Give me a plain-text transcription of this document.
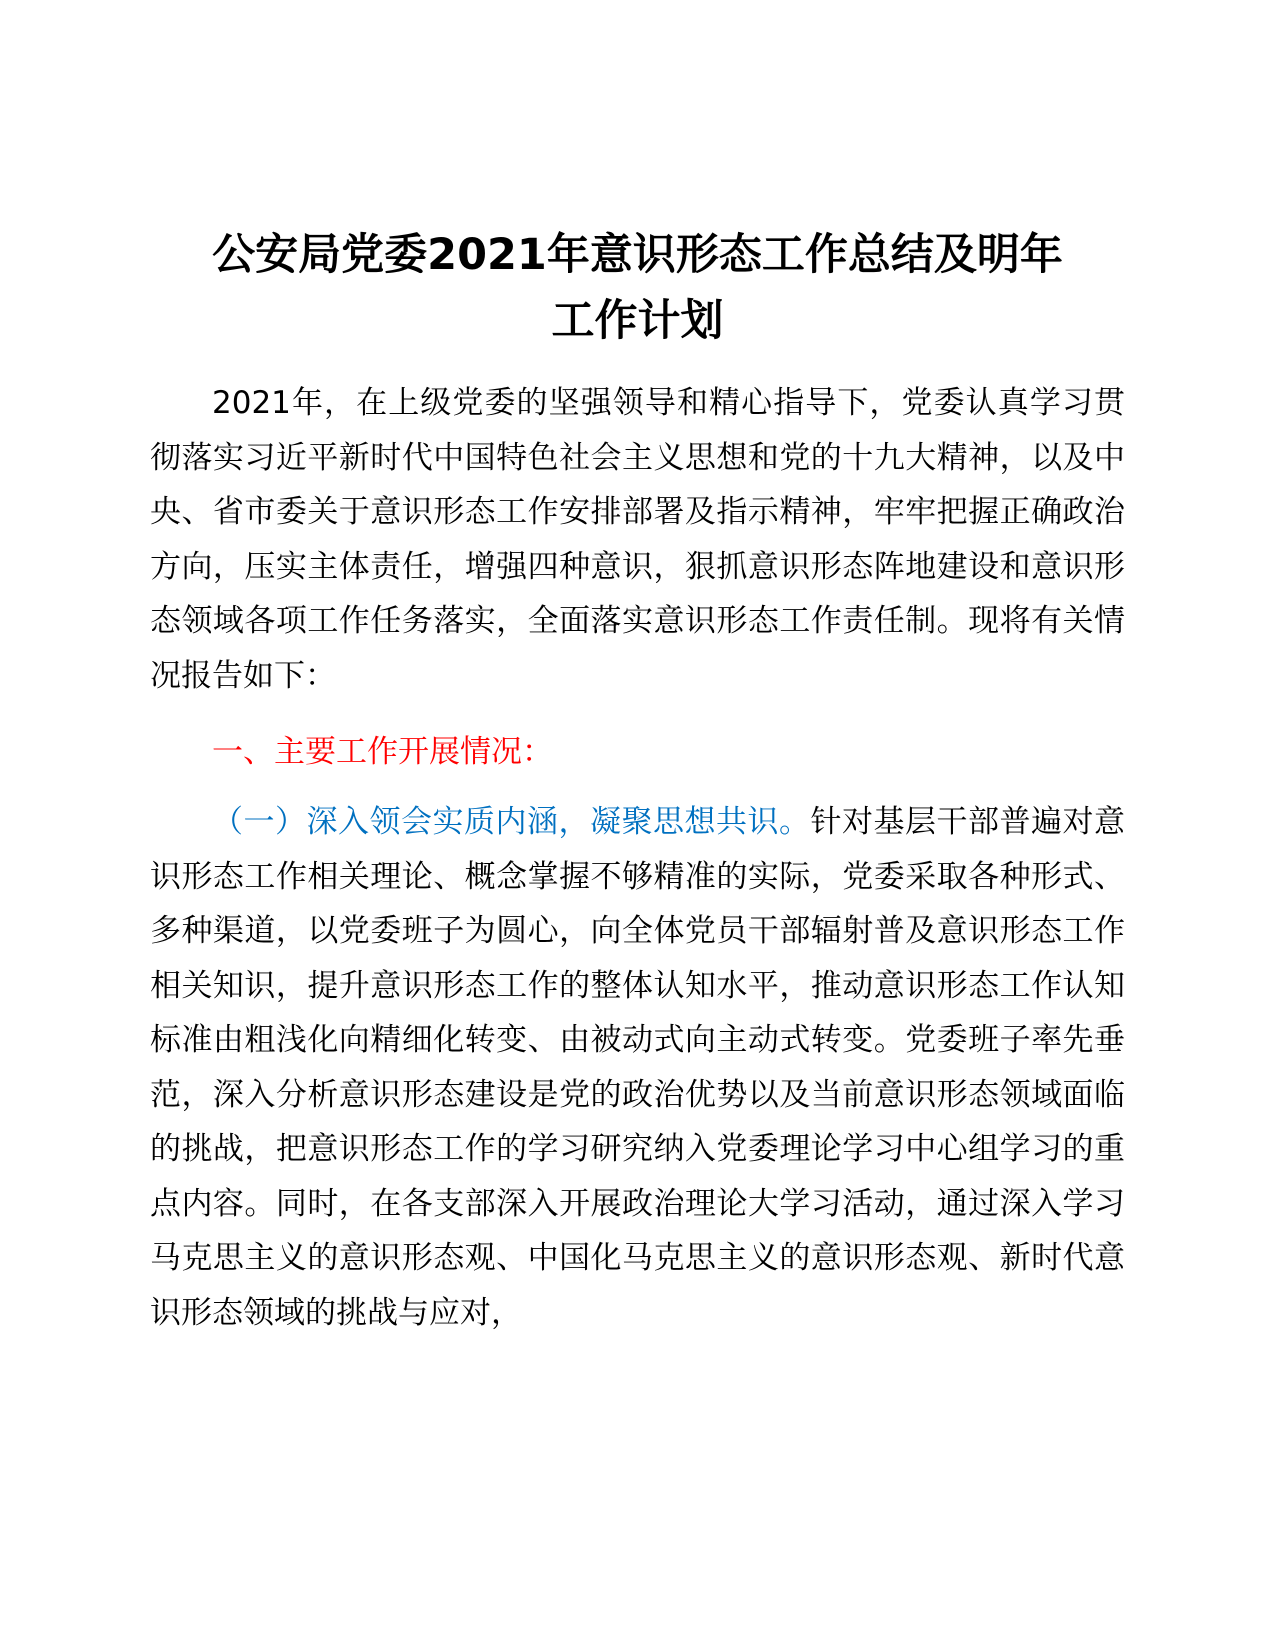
公安局党委2021年意识形态工作总结及明年
工作计划

2021年，在上级党委的坚强领导和精心指导下，党委认真学习贯彻落实习近平新时代中国特色社会主义思想和党的十九大精神，以及中央、省市委关于意识形态工作安排部署及指示精神，牢牢把握正确政治方向，压实主体责任，增强四种意识，狠抓意识形态阵地建设和意识形态领域各项工作任务落实，全面落实意识形态工作责任制。现将有关情况报告如下：

一、主要工作开展情况：

（一）深入领会实质内涵，凝聚思想共识。针对基层干部普遍对意识形态工作相关理论、概念掌握不够精准的实际，党委采取各种形式、多种渠道，以党委班子为圆心，向全体党员干部辐射普及意识形态工作相关知识，提升意识形态工作的整体认知水平，推动意识形态工作认知标准由粗浅化向精细化转变、由被动式向主动式转变。党委班子率先垂范，深入分析意识形态建设是党的政治优势以及当前意识形态领域面临的挑战，把意识形态工作的学习研究纳入党委理论学习中心组学习的重点内容。同时，在各支部深入开展政治理论大学习活动，通过深入学习马克思主义的意识形态观、中国化马克思主义的意识形态观、新时代意识形态领域的挑战与应对，
